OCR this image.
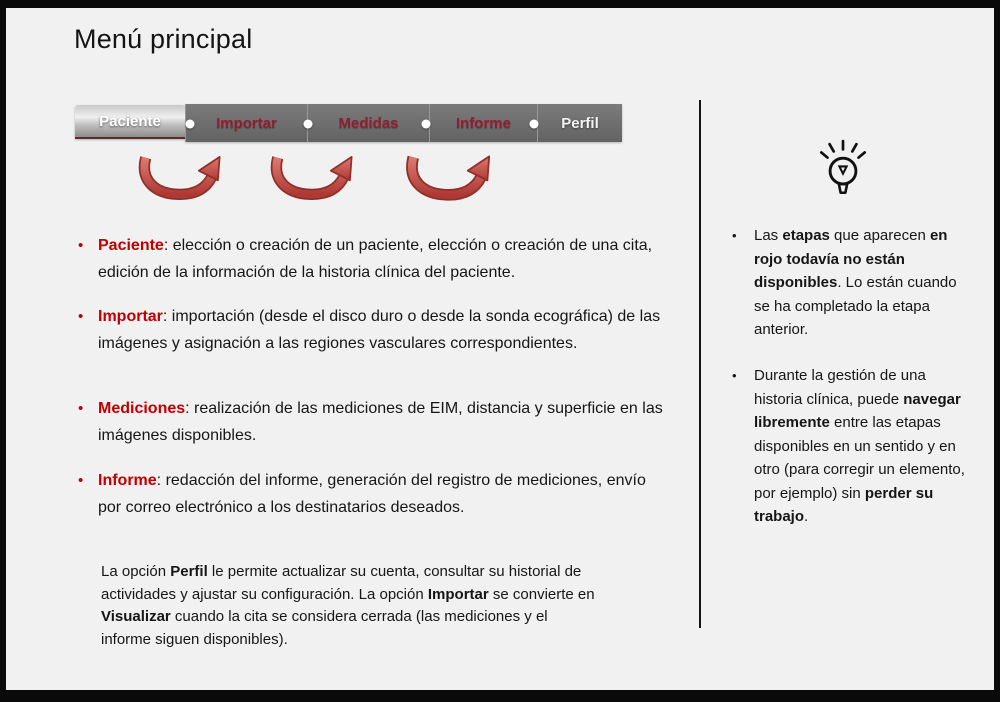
Menú principal
Paciente	Importar	Medidas	Informe	Perfil
• Paciente: elección o creación de un paciente, elección o creación de una cita, edición de la información de la historia clínica del paciente.

• Importar: importación (desde el disco duro o desde la sonda ecográfica) de las imágenes y asignación a las regiones vasculares correspondientes.

• Mediciones: realización de las mediciones de EIM, distancia y superficie en las imágenes disponibles.

• Informe: redacción del informe, generación del registro de mediciones, envío por correo electrónico a los destinatarios deseados.

La opción Perfil le permite actualizar su cuenta, consultar su historial de actividades y ajustar su configuración. La opción Importar se convierte en Visualizar cuando la cita se considera cerrada (las mediciones y el informe siguen disponibles).
•	Las etapas que aparecen en rojo todavía no están disponibles. Lo están cuando se ha completado la etapa anterior.

•	Durante la gestión de una historia clínica, puede navegar libremente entre las etapas disponibles en un sentido y en otro (para corregir un elemento, por ejemplo) sin perder su trabajo.
